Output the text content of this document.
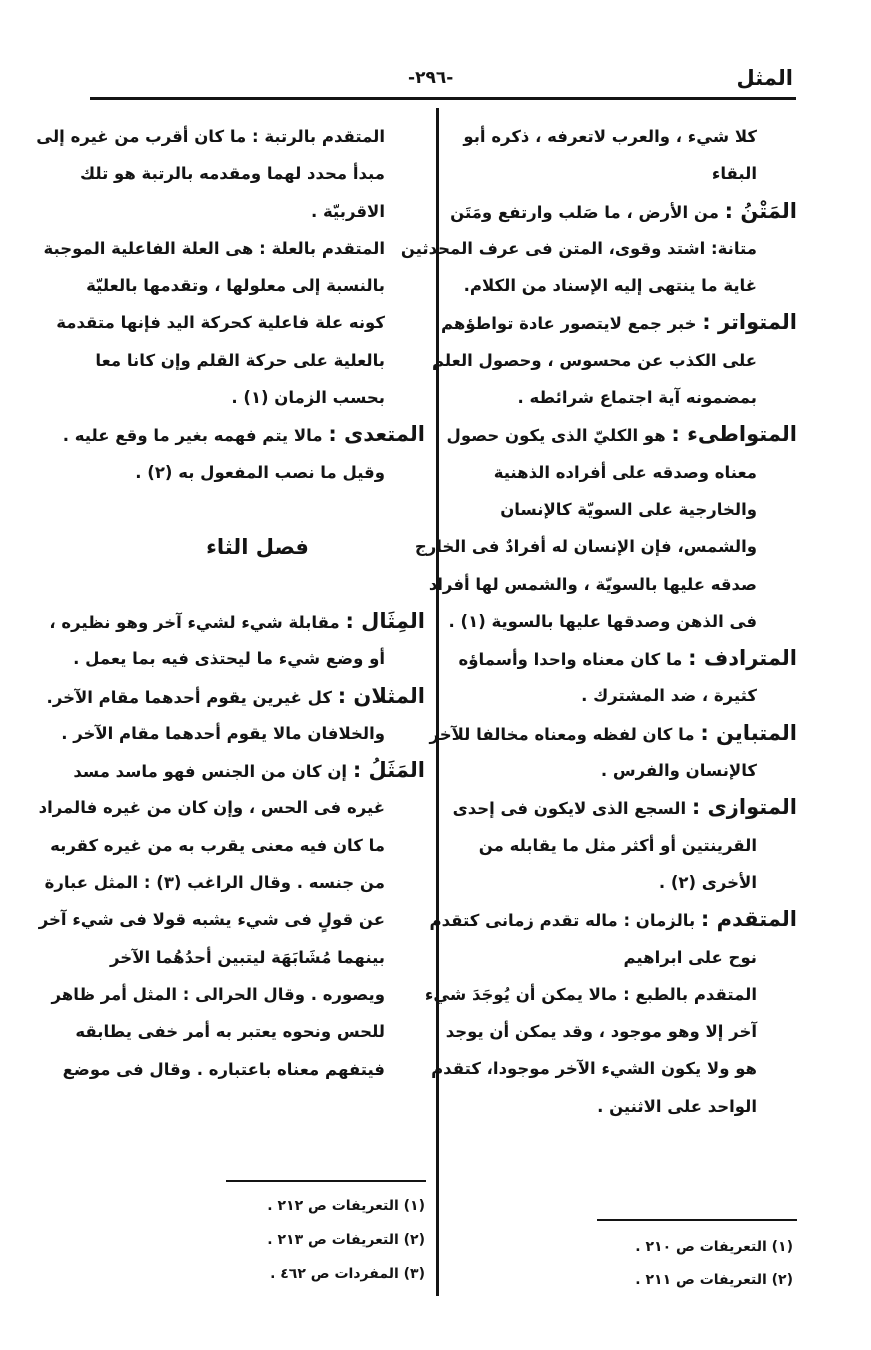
المثل
-٢٩٦-
كلا شيء ، والعرب لاتعرفه ، ذكره أبو
البقاء
المَتْنُ : من الأرض ، ما صَلب وارتفع ومَتَن
متانة: اشتد وقوى، المتن فى عرف المحدثين
غاية ما ينتهى إليه الإسناد من الكلام.
المتواتر : خبر جمع لايتصور عادة تواطؤهم
على الكذب عن محسوس ، وحصول العلم
بمضمونه آية اجتماع شرائطه .
المتواطىء : هو الكليّ الذى يكون حصول
معناه وصدقه على أفراده الذهنية
والخارجية على السويّة كالإنسان
والشمس، فإن الإنسان له أفرادٌ فى الخارج
صدقه عليها بالسويّة ، والشمس لها أفراد
فى الذهن وصدقها عليها بالسوية (١) .
المترادف : ما كان معناه واحدا وأسماؤه
كثيرة ، ضد المشترك .
المتباين : ما كان لفظه ومعناه مخالفا للآخر
كالإنسان والفرس .
المتوازى : السجع الذى لايكون فى إحدى
القرينتين أو أكثر مثل ما يقابله من
الأخرى (٢) .
المتقدم : بالزمان : ماله تقدم زمانى كتقدم
نوح على ابراهيم
المتقدم بالطبع : مالا يمكن أن يُوجَدَ شيء
آخر إلا وهو موجود ، وقد يمكن أن يوجد
هو ولا يكون الشيء الآخر موجودا، كتقدم
الواحد على الاثنين .
المتقدم بالرتبة : ما كان أقرب من غيره إلى
مبدأ محدد لهما ومقدمه بالرتبة هو تلك
الاقربيّة .
المتقدم بالعلة : هى العلة الفاعلية الموجبة
بالنسبة إلى معلولها ، وتقدمها بالعليّة
كونه علة فاعلية كحركة اليد فإنها متقدمة
بالعلية على حركة القلم وإن كانا معا
بحسب الزمان (١) .
المتعدى : مالا يتم فهمه بغير ما وقع عليه .
وقيل ما نصب المفعول به (٢) .
فصل الثاء
المِثَال : مقابلة شيء لشيء آخر وهو نظيره ،
أو وضع شيء ما ليحتذى فيه بما يعمل .
المثلان : كل غيرين يقوم أحدهما مقام الآخر.
والخلافان مالا يقوم أحدهما مقام الآخر .
المَثَلُ : إن كان من الجنس فهو ماسد مسد
غيره فى الحس ، وإن كان من غيره فالمراد
ما كان فيه معنى يقرب به من غيره كقربه
من جنسه . وقال الراغب (٣) : المثل عبارة
عن قولٍ فى شيء يشبه قولا فى شيء آخر
بينهما مُشَابَهَة ليتبين أحدُهُما الآخر
ويصوره . وقال الحرالى : المثل أمر ظاهر
للحس ونحوه يعتبر به أمر خفى يطابقه
فيتفهم معناه باعتباره . وقال فى موضع
(١) التعريفات ص ٢١٠ .
(٢) التعريفات ص ٢١١ .
(١) التعريفات ص ٢١٢ .
(٢) التعريفات ص ٢١٣ .
(٣) المفردات ص ٤٦٢ .
